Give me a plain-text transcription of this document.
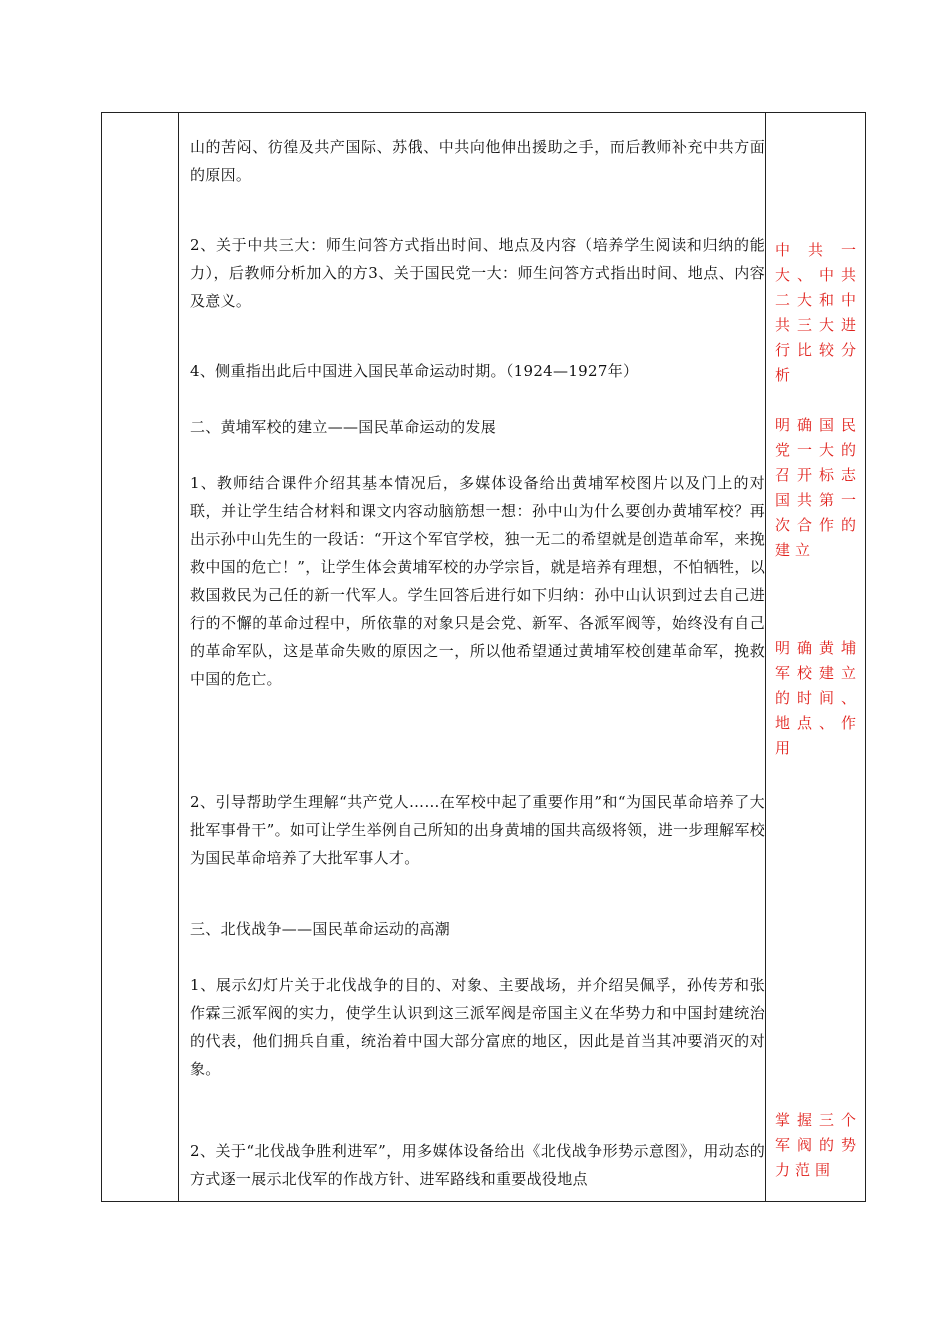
山的苦闷、彷徨及共产国际、苏俄、中共向他伸出援助之手，而后教师补充中共方面的原因。

2、关于中共三大：师生问答方式指出时间、地点及内容（培养学生阅读和归纳的能力），后教师分析加入的方3、关于国民党一大：师生问答方式指出时间、地点、内容及意义。

4、侧重指出此后中国进入国民革命运动时期。（1924—1927年）

二、黄埔军校的建立——国民革命运动的发展

1、教师结合课件介绍其基本情况后，多媒体设备给出黄埔军校图片以及门上的对联，并让学生结合材料和课文内容动脑筋想一想：孙中山为什么要创办黄埔军校？再出示孙中山先生的一段话：“开这个军官学校，独一无二的希望就是创造革命军，来挽救中国的危亡！”，让学生体会黄埔军校的办学宗旨，就是培养有理想，不怕牺牲，以救国救民为己任的新一代军人。学生回答后进行如下归纳：孙中山认识到过去自己进行的不懈的革命过程中，所依靠的对象只是会党、新军、各派军阀等，始终没有自己的革命军队，这是革命失败的原因之一，所以他希望通过黄埔军校创建革命军，挽救中国的危亡。

2、引导帮助学生理解“共产党人……在军校中起了重要作用”和“为国民革命培养了大批军事骨干”。如可让学生举例自己所知的出身黄埔的国共高级将领，进一步理解军校为国民革命培养了大批军事人才。

三、北伐战争——国民革命运动的高潮

1、展示幻灯片关于北伐战争的目的、对象、主要战场，并介绍吴佩孚，孙传芳和张作霖三派军阀的实力，使学生认识到这三派军阀是帝国主义在华势力和中国封建统治的代表，他们拥兵自重，统治着中国大部分富庶的地区，因此是首当其冲要消灭的对象。

2、关于“北伐战争胜利进军”，用多媒体设备给出《北伐战争形势示意图》，用动态的方式逐一展示北伐军的作战方针、进军路线和重要战役地点

中共一大、中共二大和中共三大进行比较分析

明确国民党一大的召开标志国共第一次合作的建立

明确黄埔军校建立的时间、地点、作用

掌握三个军阀的势力范围
